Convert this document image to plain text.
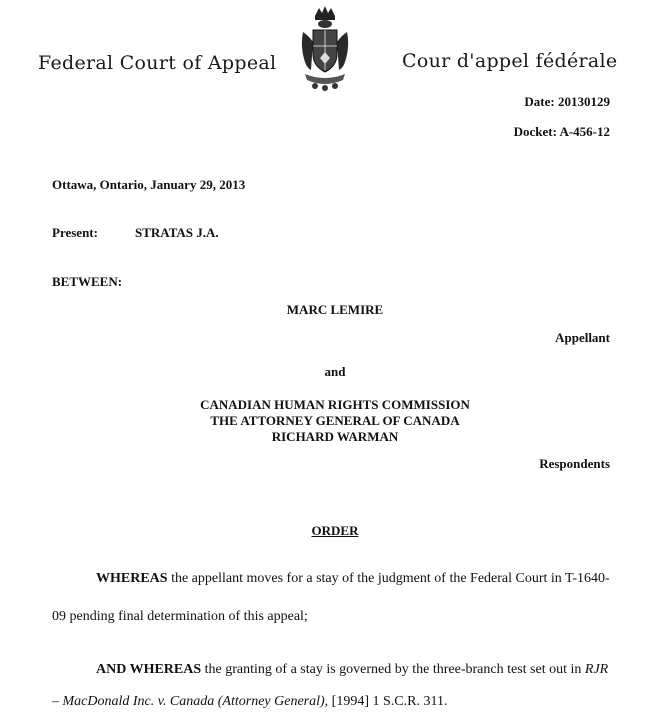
Federal Court of Appeal	Cour d'appel fédérale
Date: 20130129
Docket: A-456-12
Ottawa, Ontario, January 29, 2013
Present:	STRATAS J.A.
BETWEEN:
MARC LEMIRE
Appellant
and
CANADIAN HUMAN RIGHTS COMMISSION
THE ATTORNEY GENERAL OF CANADA
RICHARD WARMAN
Respondents
ORDER
WHEREAS the appellant moves for a stay of the judgment of the Federal Court in T-1640-
09 pending final determination of this appeal;
AND WHEREAS the granting of a stay is governed by the three-branch test set out in RJR
– MacDonald Inc. v. Canada (Attorney General), [1994] 1 S.C.R. 311.
